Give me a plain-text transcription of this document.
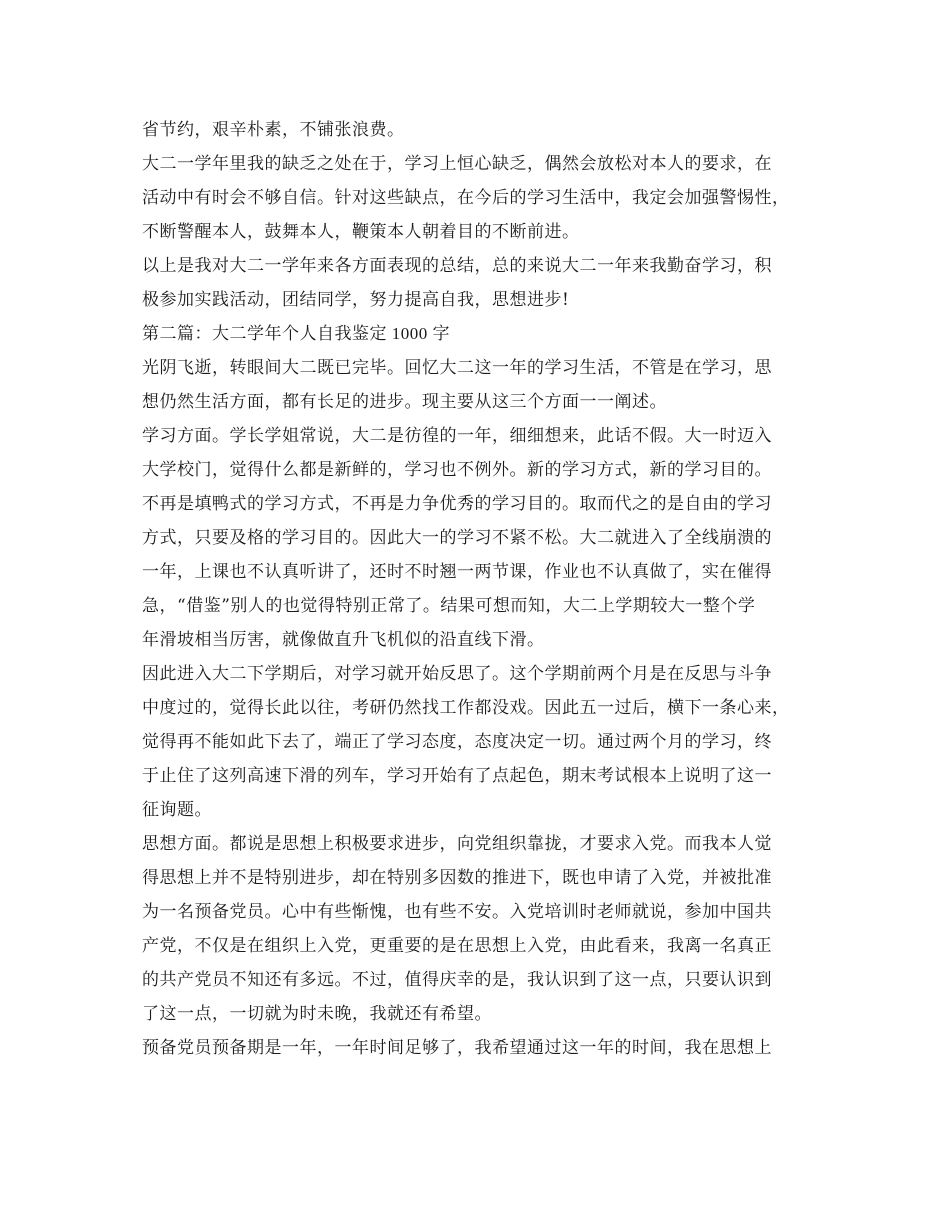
省节约，艰辛朴素，不铺张浪费。
大二一学年里我的缺乏之处在于，学习上恒心缺乏，偶然会放松对本人的要求，在
活动中有时会不够自信。针对这些缺点，在今后的学习生活中，我定会加强警惕性，
不断警醒本人，鼓舞本人，鞭策本人朝着目的不断前进。
以上是我对大二一学年来各方面表现的总结，总的来说大二一年来我勤奋学习，积
极参加实践活动，团结同学，努力提高自我，思想进步!
第二篇：大二学年个人自我鉴定 1000 字
光阴飞逝，转眼间大二既已完毕。回忆大二这一年的学习生活，不管是在学习，思
想仍然生活方面，都有长足的进步。现主要从这三个方面一一阐述。
学习方面。学长学姐常说，大二是彷徨的一年，细细想来，此话不假。大一时迈入
大学校门，觉得什么都是新鲜的，学习也不例外。新的学习方式，新的学习目的。
不再是填鸭式的学习方式，不再是力争优秀的学习目的。取而代之的是自由的学习
方式，只要及格的学习目的。因此大一的学习不紧不松。大二就进入了全线崩溃的
一年，上课也不认真听讲了，还时不时翘一两节课，作业也不认真做了，实在催得
急，“借鉴”别人的也觉得特别正常了。结果可想而知，大二上学期较大一整个学
年滑坡相当厉害，就像做直升飞机似的沿直线下滑。
因此进入大二下学期后，对学习就开始反思了。这个学期前两个月是在反思与斗争
中度过的，觉得长此以往，考研仍然找工作都没戏。因此五一过后，横下一条心来，
觉得再不能如此下去了，端正了学习态度，态度决定一切。通过两个月的学习，终
于止住了这列高速下滑的列车，学习开始有了点起色，期末考试根本上说明了这一
征询题。
思想方面。都说是思想上积极要求进步，向党组织靠拢，才要求入党。而我本人觉
得思想上并不是特别进步，却在特别多因数的推进下，既也申请了入党，并被批准
为一名预备党员。心中有些惭愧，也有些不安。入党培训时老师就说，参加中国共
产党，不仅是在组织上入党，更重要的是在思想上入党，由此看来，我离一名真正
的共产党员不知还有多远。不过，值得庆幸的是，我认识到了这一点，只要认识到
了这一点，一切就为时未晚，我就还有希望。
预备党员预备期是一年，一年时间足够了，我希望通过这一年的时间，我在思想上
